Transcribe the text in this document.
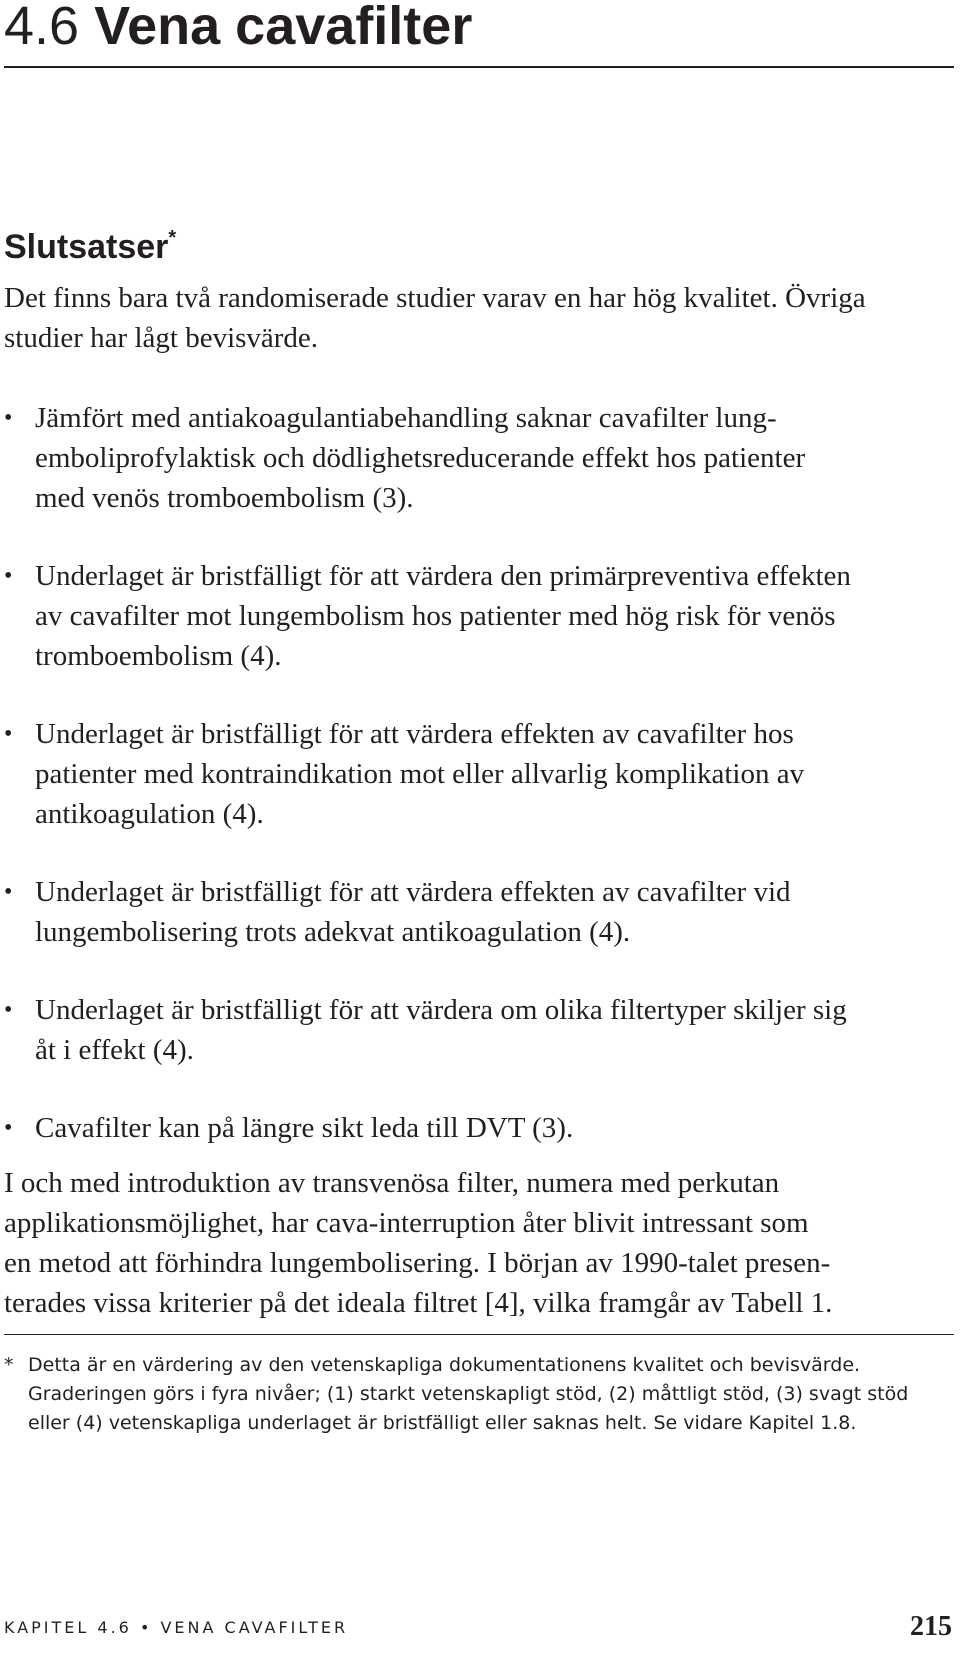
4.6 Vena cavafilter
Slutsatser*

Det finns bara två randomiserade studier varav en har hög kvalitet. Övriga studier har lågt bevisvärde.

• Jämfört med antiakoagulantiabehandling saknar cavafilter lung-
emboliprofylaktisk och dödlighetsreducerande effekt hos patienter
med venös tromboembolism (3).
• Underlaget är bristfälligt för att värdera den primärpreventiva effekten
av cavafilter mot lungembolism hos patienter med hög risk för venös
tromboembolism (4).
• Underlaget är bristfälligt för att värdera effekten av cavafilter hos
patienter med kontraindikation mot eller allvarlig komplikation av
antikoagulation (4).
• Underlaget är bristfälligt för att värdera effekten av cavafilter vid
lungembolisering trots adekvat antikoagulation (4).
• Underlaget är bristfälligt för att värdera om olika filtertyper skiljer sig
åt i effekt (4).
• Cavafilter kan på längre sikt leda till DVT (3).

I och med introduktion av transvenösa filter, numera med perkutan
applikationsmöjlighet, har cava-interruption åter blivit intressant som
en metod att förhindra lungembolisering. I början av 1990-talet presen-
terades vissa kriterier på det ideala filtret [4], vilka framgår av Tabell 1.

* Detta är en värdering av den vetenskapliga dokumentationens kvalitet och bevisvärde.
Graderingen görs i fyra nivåer; (1) starkt vetenskapligt stöd, (2) måttligt stöd, (3) svagt stöd
eller (4) vetenskapliga underlaget är bristfälligt eller saknas helt. Se vidare Kapitel 1.8.
KAPITEL 4.6 • VENA CAVAFILTER	215
